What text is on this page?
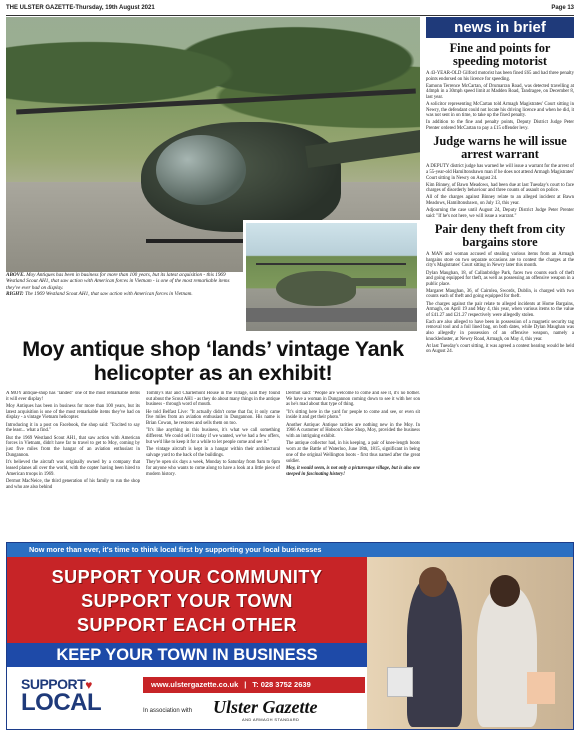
THE ULSTER GAZETTE-Thursday, 19th August 2021	Page 13
ABOVE. Moy Antiques has been in business for more than 100 years, but its latest acquisition - this 1969 Westland Scout AH1, that saw action with American forces in Vietnam - is one of the most remarkable items they've ever had on display.
RIGHT: The 1969 Westland Scout AH1, that saw action with American forces in Vietnam.
Moy antique shop ‘lands’ vintage Yank helicopter as an exhibit!

A MOY antique-shop has "landed" one of the most remarkable items it will ever display!

Moy Antiques has been in business for more than 100 years, but its latest acquisition is one of the most remarkable items they've had on display - a vintage Vietnam helicopter.

Introducing it in a post on Facebook, the shop said: "Excited to say the least... what a find."

But the 1969 Westland Scout AH1, that saw action with American forces in Vietnam, didn't have far to travel to get to Moy, coming by just five miles from the hangar of an aviation enthusiast in Dungannon.

It's believed the aircraft was originally owned by a company that leased planes all over the world, with the copter having been hired to American troops in 1969.

Dermot MacNeice, the third generation of his family to run the shop and who are also behind

Tommy's Bar and Charlemont House in the village, said they found out about the Scout AH1 - as they do about many things in the antique business - through word of mouth.

He told Belfast Live: "It actually didn't come that far, it only came five miles from an aviation enthusiast in Dungannon. His name is Brian Cowan, he restores and sells them on too.

"It's like anything in this business, it's what we call something different. We could sell it today if we wanted, we've had a few offers, but we'd like to keep it for a while to let people come and see it."

The vintage aircraft is kept in a hangar within their architectural salvage yard to the back of the buildings.

They're open six days a week, Monday to Saturday from 9am to 6pm for anyone who wants to come along to have a look at a little piece of modern history.

Dermot said: "People are welcome to come and see it, it's no bother. We have a woman in Dungannon coming down to see it with her son as he's mad about that type of thing.

"It's sitting here in the yard for people to come and see, or even sit inside it and get their photo."

Another Antique: Antique rarities are nothing new in the Moy. In 1966 A customer of Hobson's Shoe Shop, Moy, provided the business with an intriguing exhibit.

The antique collector had, in his keeping, a pair of knee-length boots worn at the Battle of Waterloo, June 18th, 1815, significant in being one of the original Wellington boots - first thus named after the great soldier.

Moy, it would seem, is not only a picturesque village, but is also one steeped in fascinating history!

news in brief
Fine and points for speeding motorist

A 43-YEAR-OLD Gilford motorist has been fined £65 and had three penalty points endorsed on his licence for speeding.

Eamonn Terrence McCartan, of Drumarran Road, was detected travelling at 44mph in a 30mph speed limit at Madden Road, Tandragee, on December 8, last year.

A solicitor representing McCartan told Armagh Magistrates' Court sitting in Newry, the defendant could not locate his driving licence and when he did, it was not sent in on time, to take up the fixed penalty.

In addition to the fine and penalty points, Deputy District Judge Peter Prenter ordered McCartan to pay a £15 offender levy.

Judge warns he will issue arrest warrant

A DEPUTY district judge has warned he will issue a warrant for the arrest of a 55-year-old Hamiltonsbawn man if he does not attend Armagh Magistrates' Court sitting in Newry on August 24.

Kim Binney, of Bawn Meadows, had been due at last Tuesday's court to face charges of disorderly behaviour and three counts of assault on police.

All of the charges against Binney relate to an alleged incident at Bawn Meadows, Hamiltonsbawn, on July 13, this year.

Adjourning the case until August 24, Deputy District Judge Peter Prenter said: "If he's not here, we will issue a warrant."

Pair deny theft from city bargains store

A MAN and woman accused of stealing various items from an Armagh bargains store on two separate occasions are to contest the charges at the city's Magistrates' Court sitting in Newry later this month.

Dylan Maughan, 18, of Callanbridge Park, faces two counts each of theft and going equipped for theft, as well as possessing an offensive weapon in a public place.

Margaret Maughan, 36, of Cairnlea, Swords, Dublin, is charged with two counts each of theft and going equipped for theft.

The charges against the pair relate to alleged incidents at Home Bargains, Armagh, on April 19 and May 4, this year, when various items to the value of £41.27 and £21.27 respectively were allegedly stolen.

Each are also alleged to have been in possession of a magnetic security tag removal tool and a foil lined bag, on both dates, while Dylan Maughan was also allegedly in possession of an offensive weapon, namely a knuckleduster, at Newry Road, Armagh, on May 4, this year.

At last Tuesday's court sitting, it was agreed a contest hearing would be held on August 24.

Now more than ever, it's time to think local first by supporting your local businesses
SUPPORT YOUR COMMUNITY
SUPPORT YOUR TOWN
SUPPORT EACH OTHER
KEEP YOUR TOWN IN BUSINESS
SUPPORT♥
LOCAL
www.ulstergazette.co.uk | T: 028 3752 2639
In association with Ulster Gazette
AND ARMAGH STANDARD
